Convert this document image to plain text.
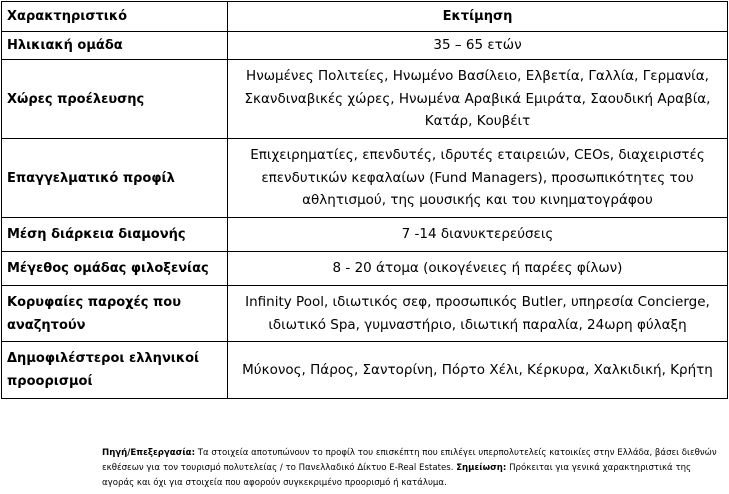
Χαρακτηριστικό	Εκτίμηση
Ηλικιακή ομάδα	35 – 65 ετών
Χώρες προέλευσης	Ηνωμένες Πολιτείες, Ηνωμένο Βασίλειο, Ελβετία, Γαλλία, Γερμανία, Σκανδιναβικές χώρες, Ηνωμένα Αραβικά Εμιράτα, Σαουδική Αραβία, Κατάρ, Κουβέιτ
Επαγγελματικό προφίλ	Επιχειρηματίες, επενδυτές, ιδρυτές εταιρειών, CEOs, διαχειριστές επενδυτικών κεφαλαίων (Fund Managers), προσωπικότητες του αθλητισμού, της μουσικής και του κινηματογράφου
Μέση διάρκεια διαμονής	7 -14 διανυκτερεύσεις
Μέγεθος ομάδας φιλοξενίας	8 - 20 άτομα (οικογένειες ή παρέες φίλων)
Κορυφαίες παροχές που αναζητούν	Infinity Pool, ιδιωτικός σεφ, προσωπικός Butler, υπηρεσία Concierge, ιδιωτικό Spa, γυμναστήριο, ιδιωτική παραλία, 24ωρη φύλαξη
Δημοφιλέστεροι ελληνικοί προορισμοί	Μύκονος, Πάρος, Σαντορίνη, Πόρτο Χέλι, Κέρκυρα, Χαλκιδική, Κρήτη
Πηγή/Επεξεργασία: Τα στοιχεία αποτυπώνουν το προφίλ του επισκέπτη που επιλέγει υπερπολυτελείς κατοικίες στην Ελλάδα, βάσει διεθνών εκθέσεων για τον τουρισμό πολυτελείας / το Πανελλαδικό Δίκτυο E-Real Estates. Σημείωση: Πρόκειται για γενικά χαρακτηριστικά της αγοράς και όχι για στοιχεία που αφορούν συγκεκριμένο προορισμό ή κατάλυμα.
